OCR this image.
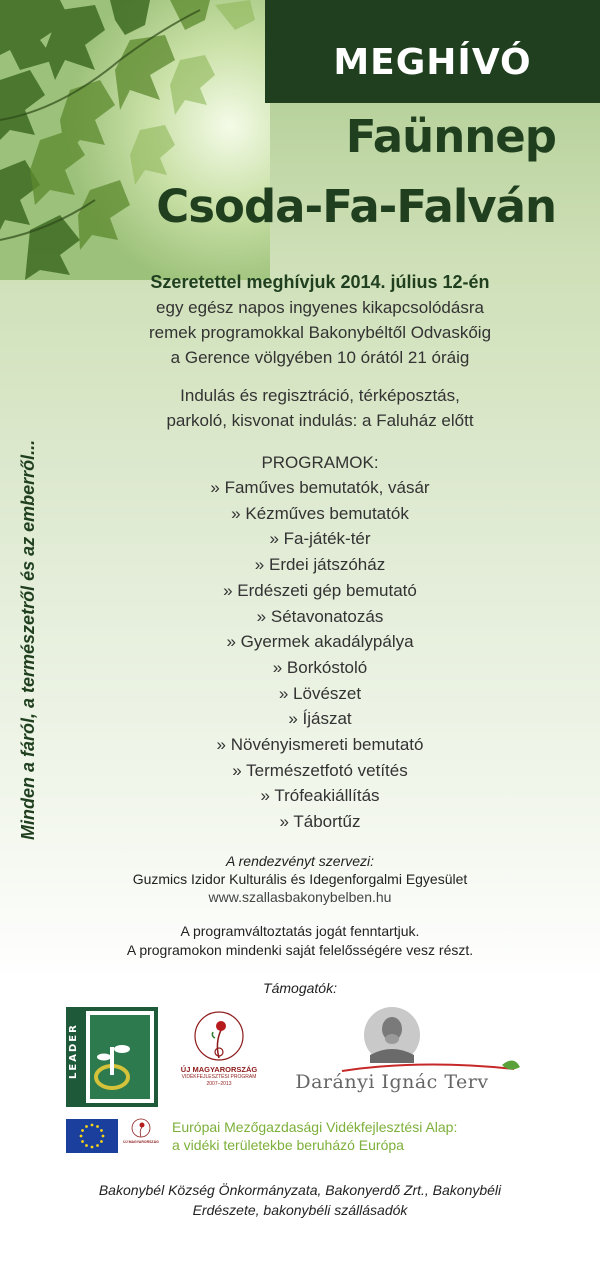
MEGHÍVÓ
Faünnep
Csoda-Fa-Falván
Minden a fáról, a természetről és az emberről...
Szeretettel meghívjuk 2014. július 12-én
egy egész napos ingyenes kikapcsolódásra
remek programokkal Bakonybéltől Odvaskőig
a Gerence völgyében 10 órától 21 óráig
Indulás és regisztráció, térképosztás,
parkoló, kisvonat indulás: a Faluház előtt
PROGRAMOK:
» Faműves bemutatók, vásár
» Kézműves bemutatók
» Fa-játék-tér
» Erdei játszóház
» Erdészeti gép bemutató
» Sétavonatozás
» Gyermek akadálypálya
» Borkóstoló
» Lövészet
» Íjászat
» Növényismereti bemutató
» Természetfotó vetítés
» Trófeakiállítás
» Tábortűz
A rendezvényt szervezi:
Guzmics Izidor Kulturális és Idegenforgalmi Egyesület
www.szallasbakonybelben.hu
A programváltoztatás jogát fenntartjuk.
A programokon mindenki saját felelősségére vesz részt.
Támogatók:
LEADER	ÚJ MAGYARORSZÁG
VIDÉKFEJLESZTÉSI PROGRAM
2007–2013	Darányi Ignác Terv
ÚJ MAGYARORSZÁG
Európai Mezőgazdasági Vidékfejlesztési Alap:
a vidéki területekbe beruházó Európa
Bakonybél Község Önkormányzata, Bakonyerdő Zrt., Bakonybéli
Erdészete, bakonybéli szállásadók
